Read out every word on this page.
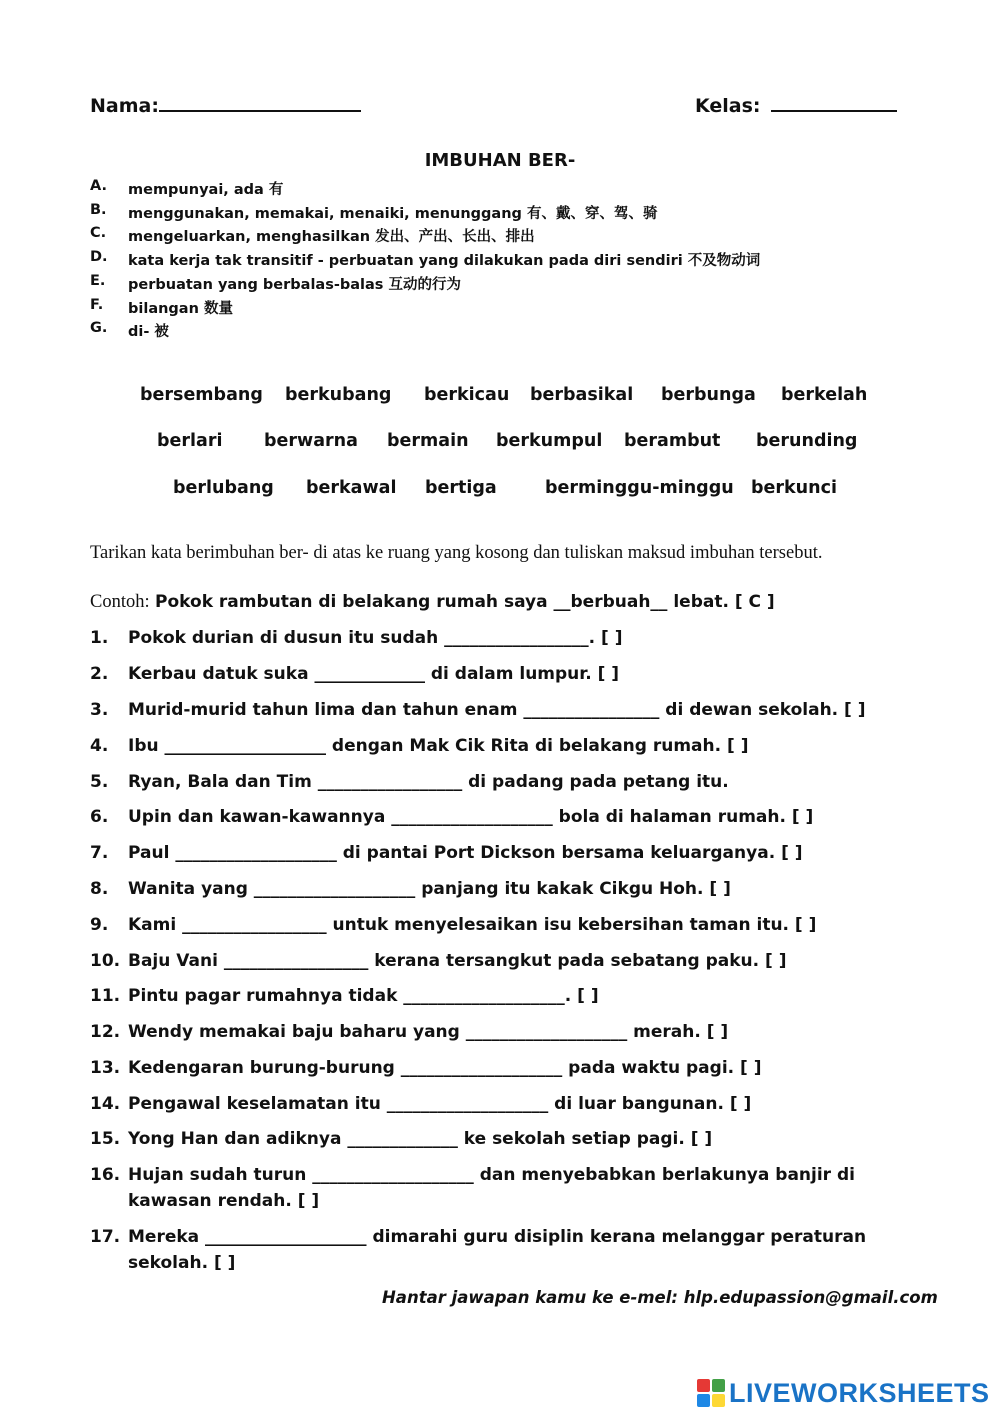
Nama:	Kelas:
IMBUHAN BER-
A. mempunyai, ada 有
B. menggunakan, memakai, menaiki, menunggang 有、戴、穿、驾、骑
C. mengeluarkan, menghasilkan 发出、产出、长出、排出
D. kata kerja tak transitif - perbuatan yang dilakukan pada diri sendiri 不及物动词
E. perbuatan yang berbalas-balas 互动的行为
F. bilangan 数量
G. di- 被
bersembang berkubang berkicau berbasikal berbunga berkelah
berlari berwarna bermain berkumpul berambut berunding
berlubang berkawal bertiga	berminggu-minggu berkunci
Tarikan kata berimbuhan ber- di atas ke ruang yang kosong dan tuliskan maksud imbuhan tersebut.
Contoh: Pokok rambutan di belakang rumah saya __berbuah__ lebat. [ C ]
1. Pokok durian di dusun itu sudah _________________. [ ]
2. Kerbau datuk suka _____________ di dalam lumpur. [ ]
3. Murid-murid tahun lima dan tahun enam ________________ di dewan sekolah. [ ]
4. Ibu ___________________ dengan Mak Cik Rita di belakang rumah. [ ]
5. Ryan, Bala dan Tim _________________ di padang pada petang itu.
6. Upin dan kawan-kawannya ___________________ bola di halaman rumah. [ ]
7. Paul ___________________ di pantai Port Dickson bersama keluarganya. [ ]
8. Wanita yang ___________________ panjang itu kakak Cikgu Hoh. [ ]
9. Kami _________________ untuk menyelesaikan isu kebersihan taman itu. [ ]
10. Baju Vani _________________ kerana tersangkut pada sebatang paku. [ ]
11. Pintu pagar rumahnya tidak ___________________. [ ]
12. Wendy memakai baju baharu yang ___________________ merah. [ ]
13. Kedengaran burung-burung ___________________ pada waktu pagi. [ ]
14. Pengawal keselamatan itu ___________________ di luar bangunan. [ ]
15. Yong Han dan adiknya _____________ ke sekolah setiap pagi. [ ]
16. Hujan sudah turun ___________________ dan menyebabkan berlakunya banjir di
kawasan rendah. [ ]
17. Mereka ___________________ dimarahi guru disiplin kerana melanggar peraturan
sekolah. [ ]
Hantar jawapan kamu ke e-mel: hlp.edupassion@gmail.com
LIVEWORKSHEETS
